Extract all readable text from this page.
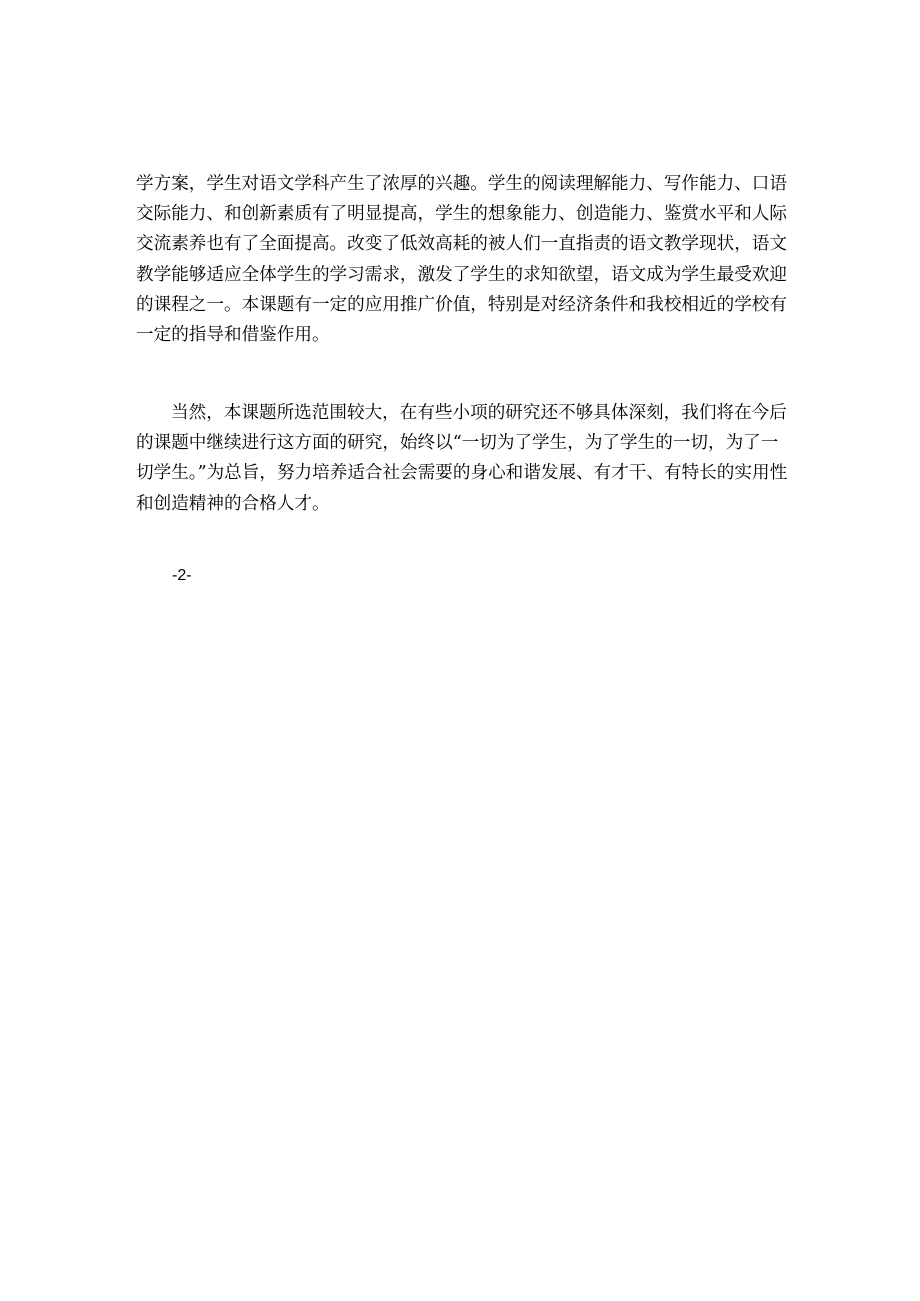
学方案，学生对语文学科产生了浓厚的兴趣。学生的阅读理解能力、写作能力、口语交际能力、和创新素质有了明显提高，学生的想象能力、创造能力、鉴赏水平和人际交流素养也有了全面提高。改变了低效高耗的被人们一直指责的语文教学现状，语文教学能够适应全体学生的学习需求，激发了学生的求知欲望，语文成为学生最受欢迎的课程之一。本课题有一定的应用推广价值，特别是对经济条件和我校相近的学校有一定的指导和借鉴作用。

当然，本课题所选范围较大，在有些小项的研究还不够具体深刻，我们将在今后的课题中继续进行这方面的研究，始终以“一切为了学生，为了学生的一切，为了一切学生。”为总旨，努力培养适合社会需要的身心和谐发展、有才干、有特长的实用性和创造精神的合格人才。

-2-
